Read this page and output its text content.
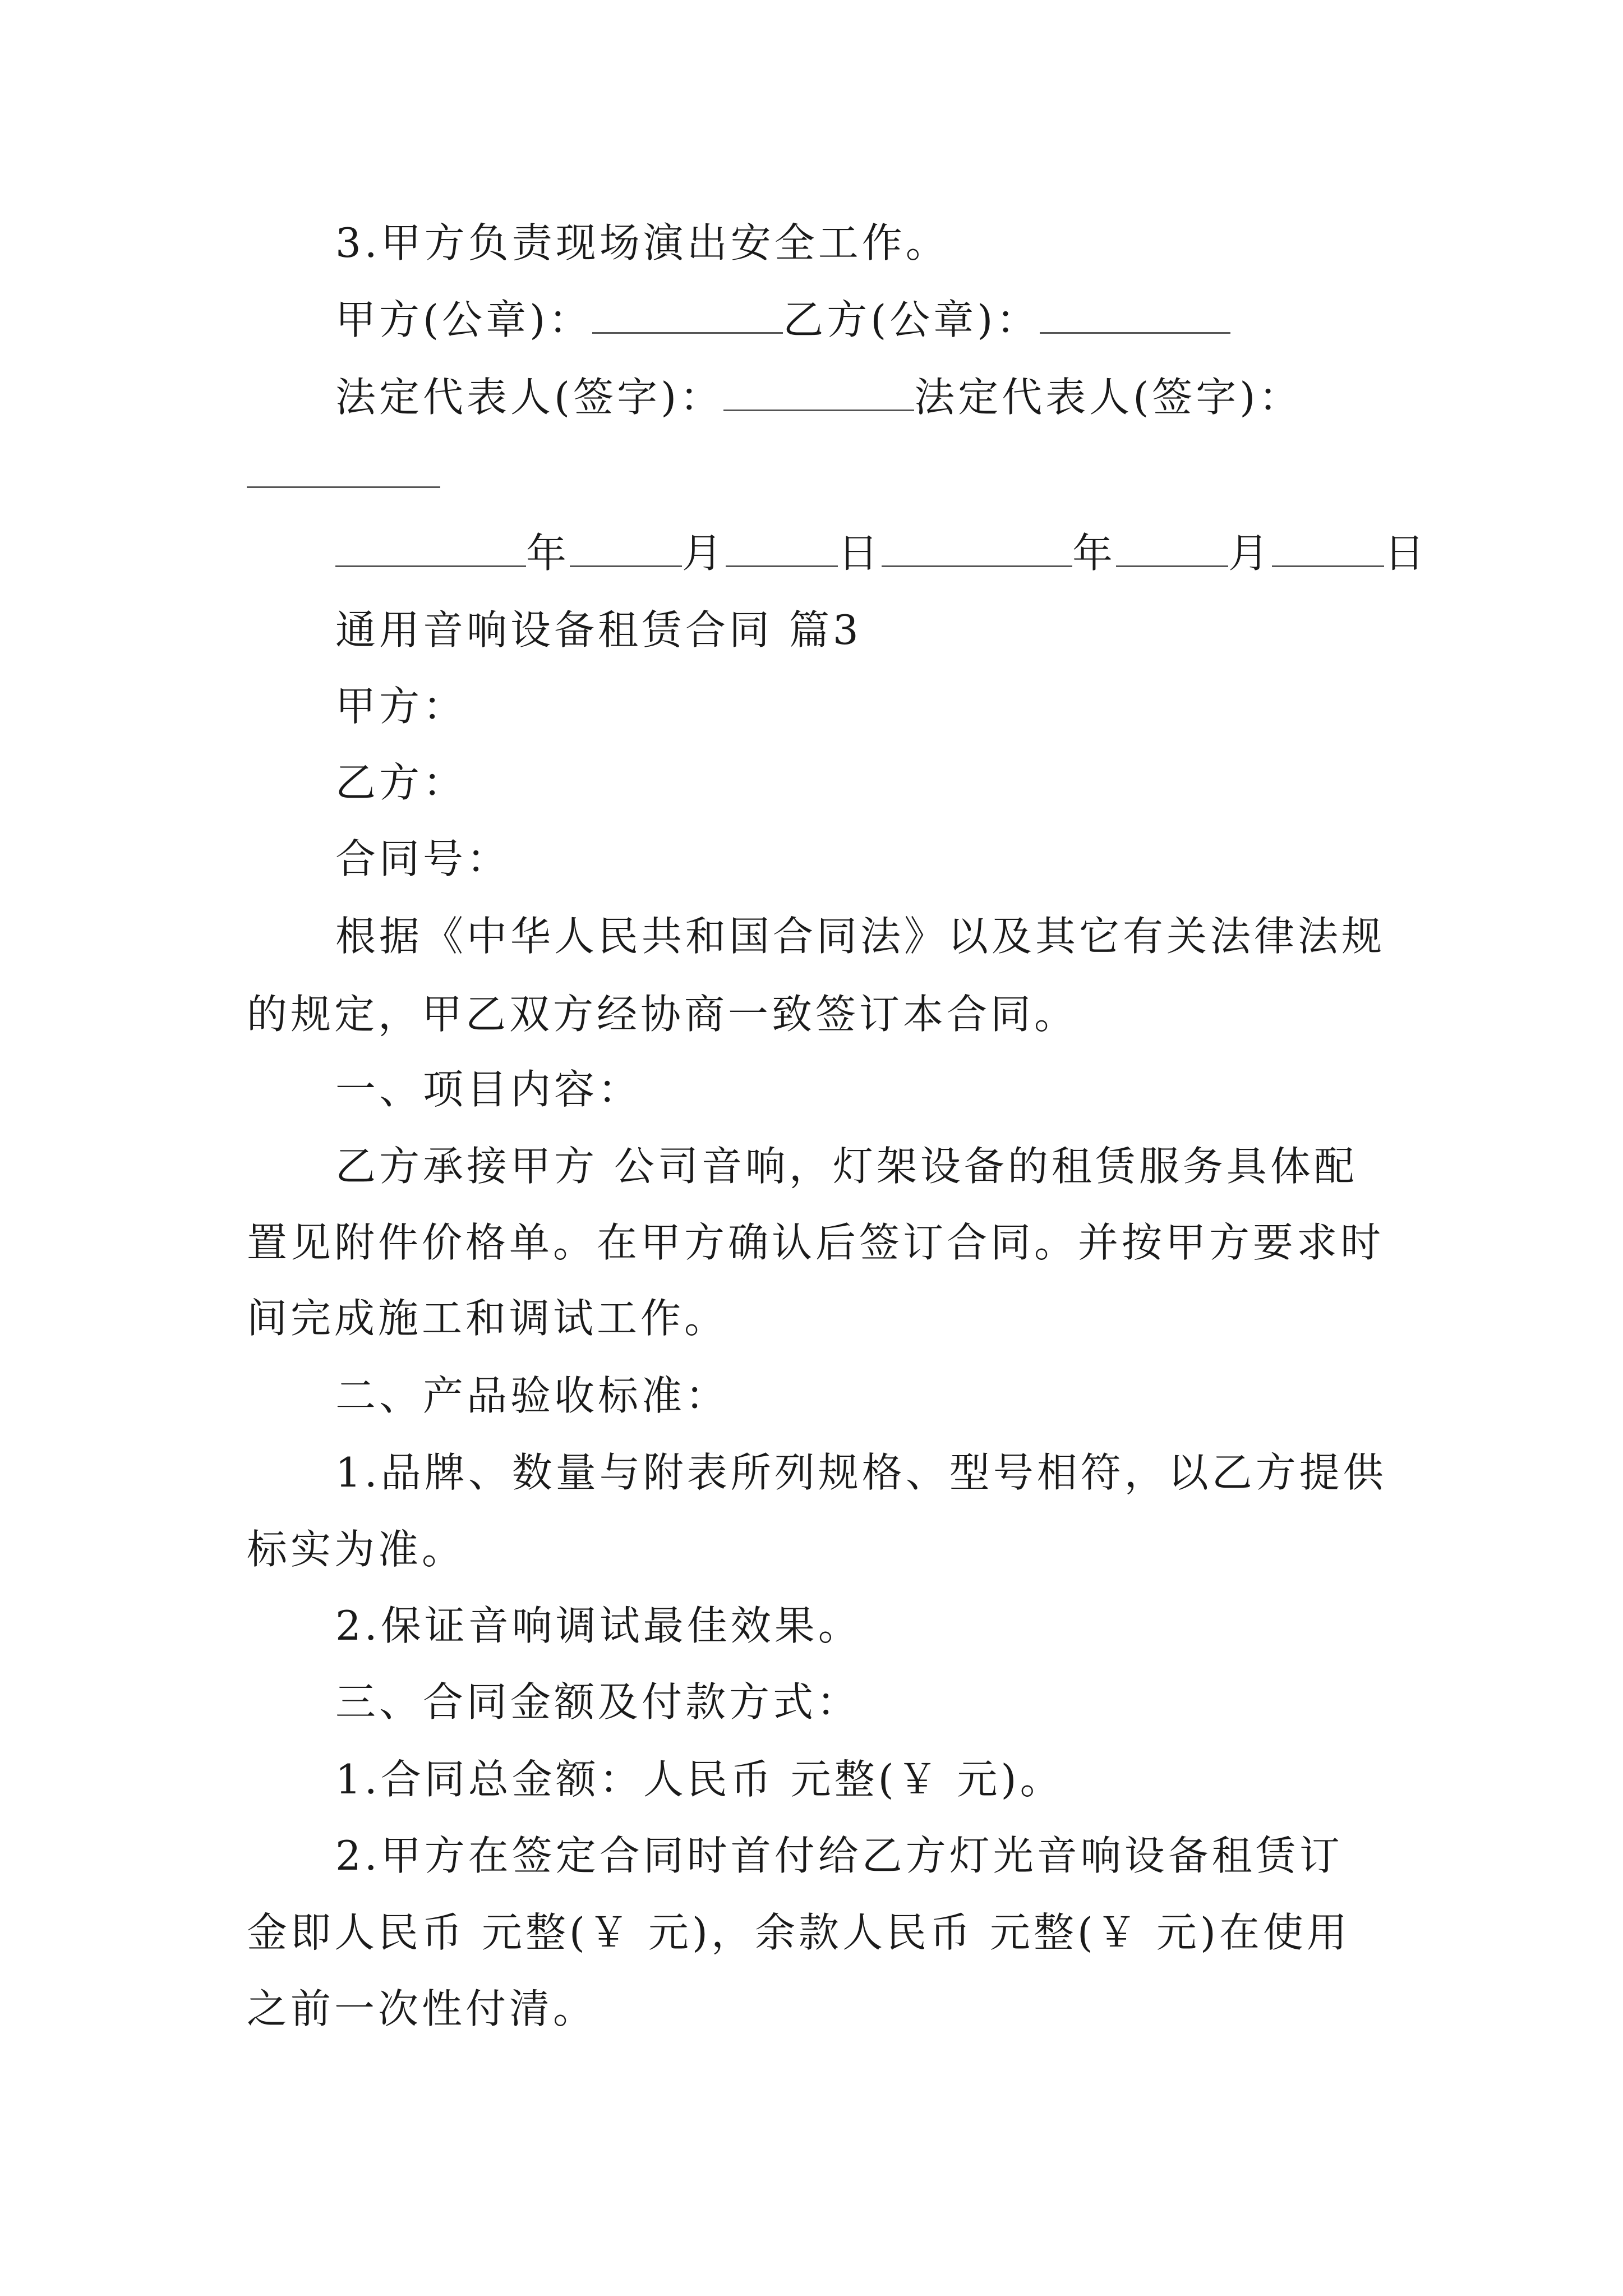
3.甲方负责现场演出安全工作。
甲方(公章)：	乙方(公章)：
法定代表人(签字)：	法定代表人(签字)：
年	月	日	年	月	日
通用音响设备租赁合同 篇3
甲方：
乙方：
合同号：
根据《中华人民共和国合同法》以及其它有关法律法规
的规定，甲乙双方经协商一致签订本合同。
一、项目内容：
乙方承接甲方 公司音响，灯架设备的租赁服务具体配
置见附件价格单。在甲方确认后签订合同。并按甲方要求时
间完成施工和调试工作。
二、产品验收标准：
1.品牌、数量与附表所列规格、型号相符，以乙方提供
标实为准。
2.保证音响调试最佳效果。
三、合同金额及付款方式：
1.合同总金额：人民币 元整(￥ 元)。
2.甲方在签定合同时首付给乙方灯光音响设备租赁订
金即人民币 元整(￥ 元)，余款人民币 元整(￥ 元)在使用
之前一次性付清。
